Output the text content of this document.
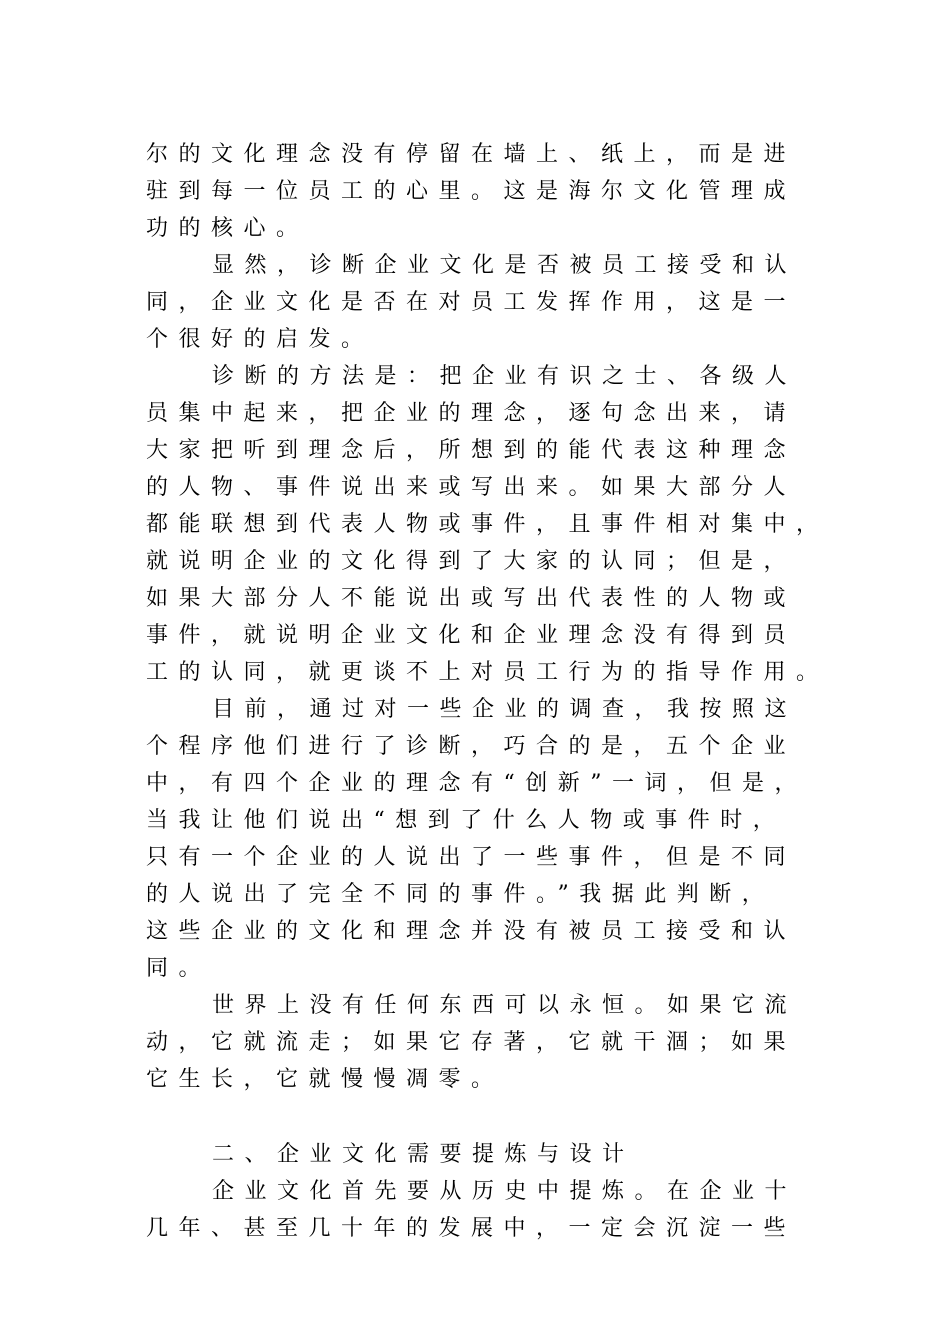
尔的文化理念没有停留在墙上、纸上，而是进
驻到每一位员工的心里。这是海尔文化管理成
功的核心。
显然，诊断企业文化是否被员工接受和认
同，企业文化是否在对员工发挥作用，这是一
个很好的启发。
诊断的方法是：把企业有识之士、各级人
员集中起来，把企业的理念，逐句念出来，请
大家把听到理念后，所想到的能代表这种理念
的人物、事件说出来或写出来。如果大部分人
都能联想到代表人物或事件，且事件相对集中，
就说明企业的文化得到了大家的认同；但是，
如果大部分人不能说出或写出代表性的人物或
事件，就说明企业文化和企业理念没有得到员
工的认同，就更谈不上对员工行为的指导作用。
目前，通过对一些企业的调查，我按照这
个程序他们进行了诊断，巧合的是，五个企业
中，有四个企业的理念有“创新”一词，但是，
当我让他们说出“想到了什么人物或事件时，
只有一个企业的人说出了一些事件，但是不同
的人说出了完全不同的事件。”我据此判断，
这些企业的文化和理念并没有被员工接受和认
同。
世界上没有任何东西可以永恒。如果它流
动，它就流走；如果它存著，它就干涸；如果
它生长，它就慢慢凋零。
二、企业文化需要提炼与设计
企业文化首先要从历史中提炼。在企业十
几年、甚至几十年的发展中，一定会沉淀一些
